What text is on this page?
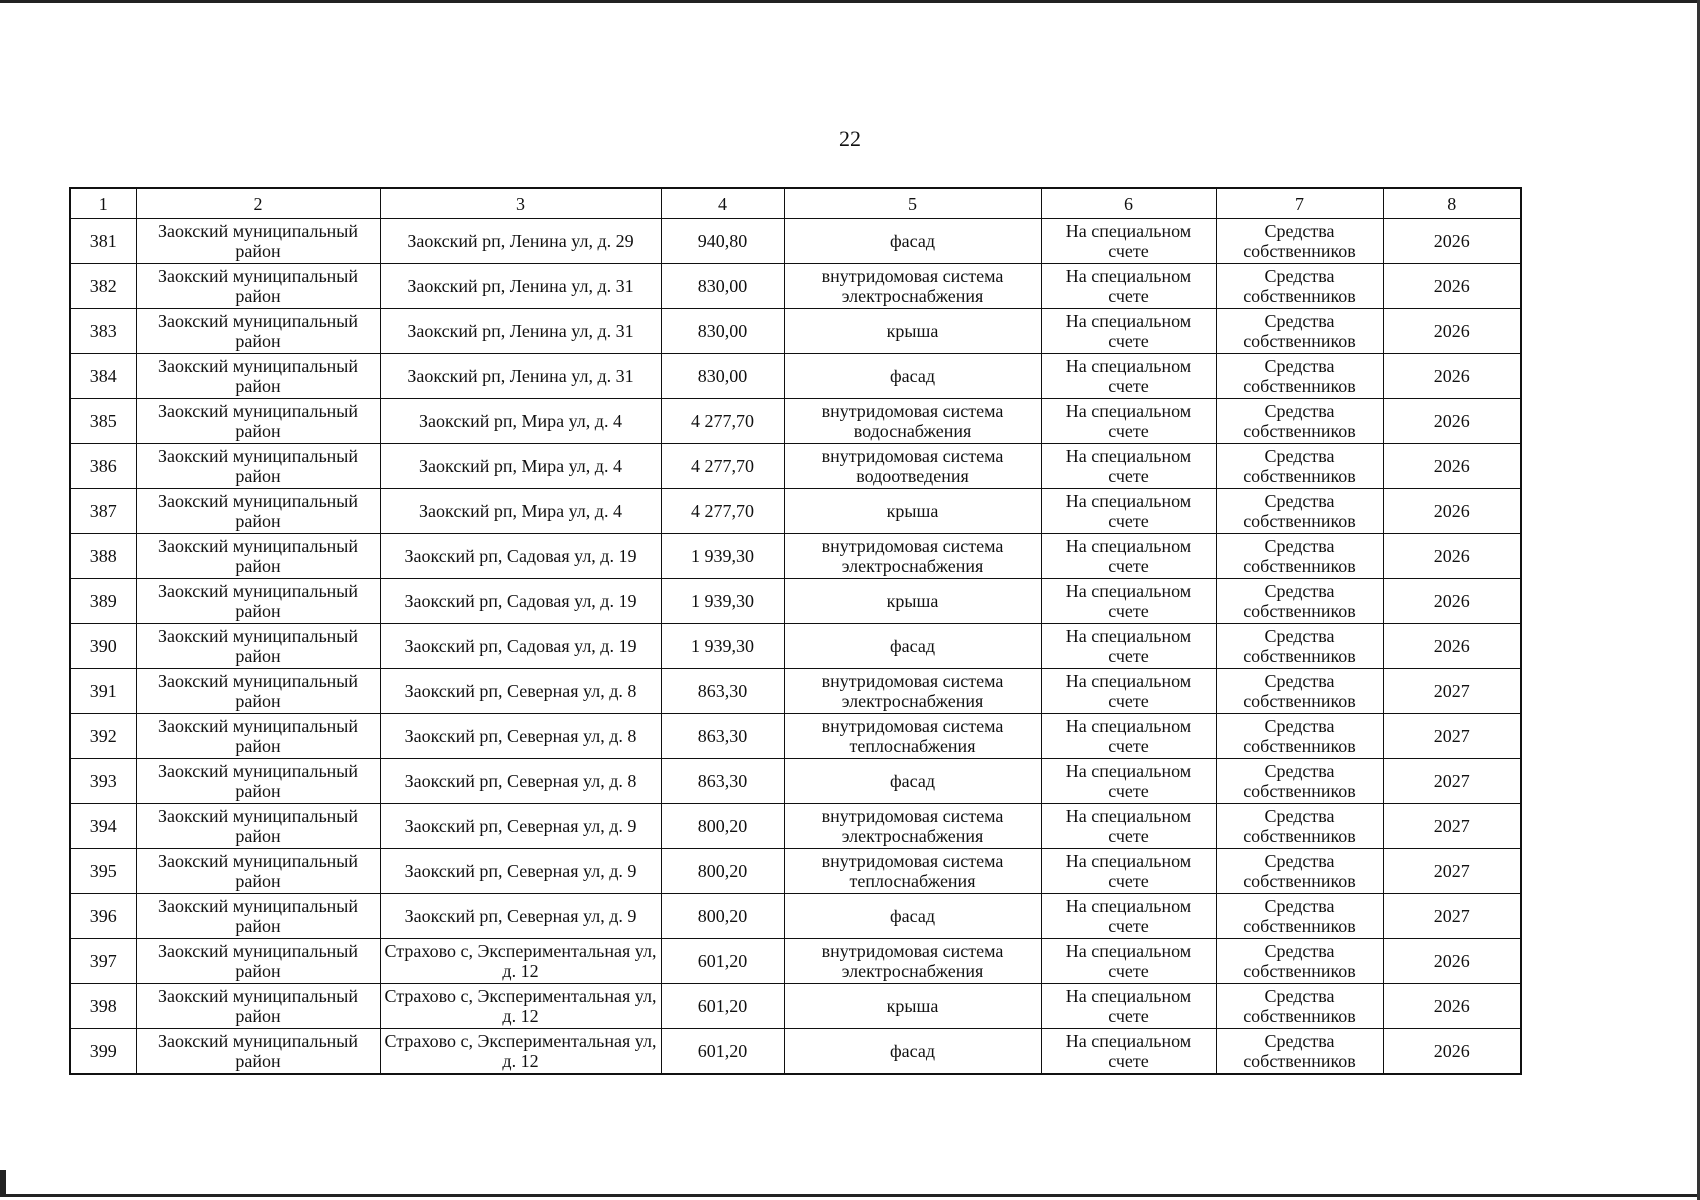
22
1	2	3	4	5	6	7	8
381	Заокский муниципальный район	Заокский рп, Ленина ул, д. 29	940,80	фасад	На специальном счете	Средства собственников	2026
382	Заокский муниципальный район	Заокский рп, Ленина ул, д. 31	830,00	внутридомовая система электроснабжения	На специальном счете	Средства собственников	2026
383	Заокский муниципальный район	Заокский рп, Ленина ул, д. 31	830,00	крыша	На специальном счете	Средства собственников	2026
384	Заокский муниципальный район	Заокский рп, Ленина ул, д. 31	830,00	фасад	На специальном счете	Средства собственников	2026
385	Заокский муниципальный район	Заокский рп, Мира ул, д. 4	4 277,70	внутридомовая система водоснабжения	На специальном счете	Средства собственников	2026
386	Заокский муниципальный район	Заокский рп, Мира ул, д. 4	4 277,70	внутридомовая система водоотведения	На специальном счете	Средства собственников	2026
387	Заокский муниципальный район	Заокский рп, Мира ул, д. 4	4 277,70	крыша	На специальном счете	Средства собственников	2026
388	Заокский муниципальный район	Заокский рп, Садовая ул, д. 19	1 939,30	внутридомовая система электроснабжения	На специальном счете	Средства собственников	2026
389	Заокский муниципальный район	Заокский рп, Садовая ул, д. 19	1 939,30	крыша	На специальном счете	Средства собственников	2026
390	Заокский муниципальный район	Заокский рп, Садовая ул, д. 19	1 939,30	фасад	На специальном счете	Средства собственников	2026
391	Заокский муниципальный район	Заокский рп, Северная ул, д. 8	863,30	внутридомовая система электроснабжения	На специальном счете	Средства собственников	2027
392	Заокский муниципальный район	Заокский рп, Северная ул, д. 8	863,30	внутридомовая система теплоснабжения	На специальном счете	Средства собственников	2027
393	Заокский муниципальный район	Заокский рп, Северная ул, д. 8	863,30	фасад	На специальном счете	Средства собственников	2027
394	Заокский муниципальный район	Заокский рп, Северная ул, д. 9	800,20	внутридомовая система электроснабжения	На специальном счете	Средства собственников	2027
395	Заокский муниципальный район	Заокский рп, Северная ул, д. 9	800,20	внутридомовая система теплоснабжения	На специальном счете	Средства собственников	2027
396	Заокский муниципальный район	Заокский рп, Северная ул, д. 9	800,20	фасад	На специальном счете	Средства собственников	2027
397	Заокский муниципальный район	Страхово с, Экспериментальная ул, д. 12	601,20	внутридомовая система электроснабжения	На специальном счете	Средства собственников	2026
398	Заокский муниципальный район	Страхово с, Экспериментальная ул, д. 12	601,20	крыша	На специальном счете	Средства собственников	2026
399	Заокский муниципальный район	Страхово с, Экспериментальная ул, д. 12	601,20	фасад	На специальном счете	Средства собственников	2026
